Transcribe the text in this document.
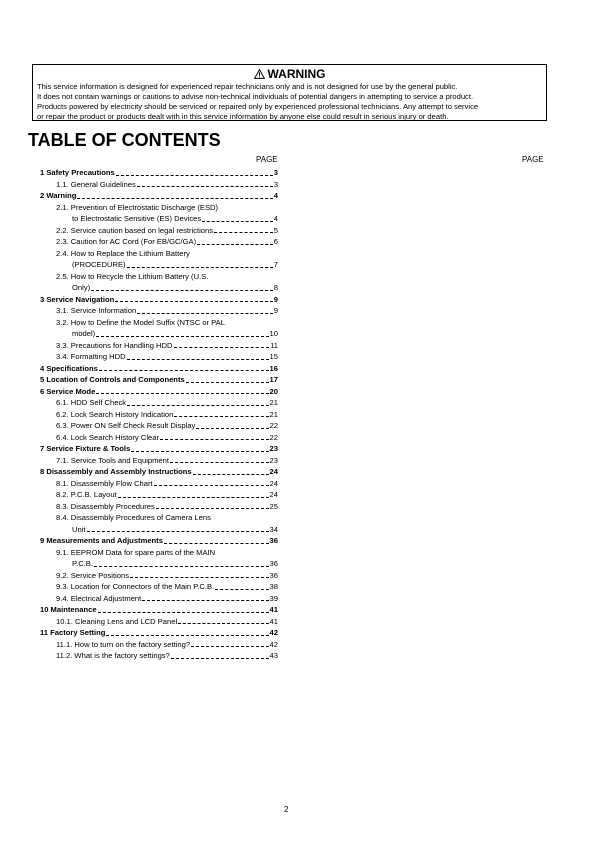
WARNING
This service information is designed for experienced repair technicians only and is not designed for use by the general public.
It does not contain warnings or cautions to advise non-technical individuals of potential dangers in attempting to service a product.
Products powered by electricity should be serviced or repaired only by experienced professional technicians. Any attempt to service
or repair the product or products dealt with in this service information by anyone else could result in serious injury or death.
TABLE OF CONTENTS
PAGE	PAGE
1 Safety Precautions	3
1.1. General Guidelines	3
2 Warning	4
2.1. Prevention of Electrostatic Discharge (ESD)
to Electrostatic Sensitive (ES) Devices	4
2.2. Service caution based on legal restrictions	5
2.3. Caution for AC Cord (For EB/GC/GA)	6
2.4. How to Replace the Lithium Battery
(PROCEDURE)	7
2.5. How to Recycle the Lithium Battery (U.S.
Only)	8
3 Service Navigation	9
3.1. Service Information	9
3.2. How to Define the Model Suffix (NTSC or PAL
model)	10
3.3. Precautions for Handling HDD	11
3.4. Formatting HDD	15
4 Specifications	16
5 Location of Controls and Components	17
6 Service Mode	20
6.1. HDD Self Check	21
6.2. Lock Search History Indication	21
6.3. Power ON Self Check Result Display	22
6.4. Lock Search History Clear	22
7 Service Fixture & Tools	23
7.1. Service Tools and Equipment	23
8 Disassembly and Assembly Instructions	24
8.1. Disassembly Flow Chart	24
8.2. P.C.B. Layout	24
8.3. Disassembly Procedures	25
8.4. Disassembly Procedures of Camera Lens
Unit	34
9 Measurements and Adjustments	36
9.1. EEPROM Data for spare parts of the MAIN
P.C.B.	36
9.2. Service Positions	36
9.3. Location for Connectors of the Main P.C.B.	38
9.4. Electrical Adjustment	39
10 Maintenance	41
10.1. Cleaning Lens and LCD Panel	41
11 Factory Setting	42
11.1. How to turn on the factory setting?	42
11.2. What is the factory settings?	43
2
